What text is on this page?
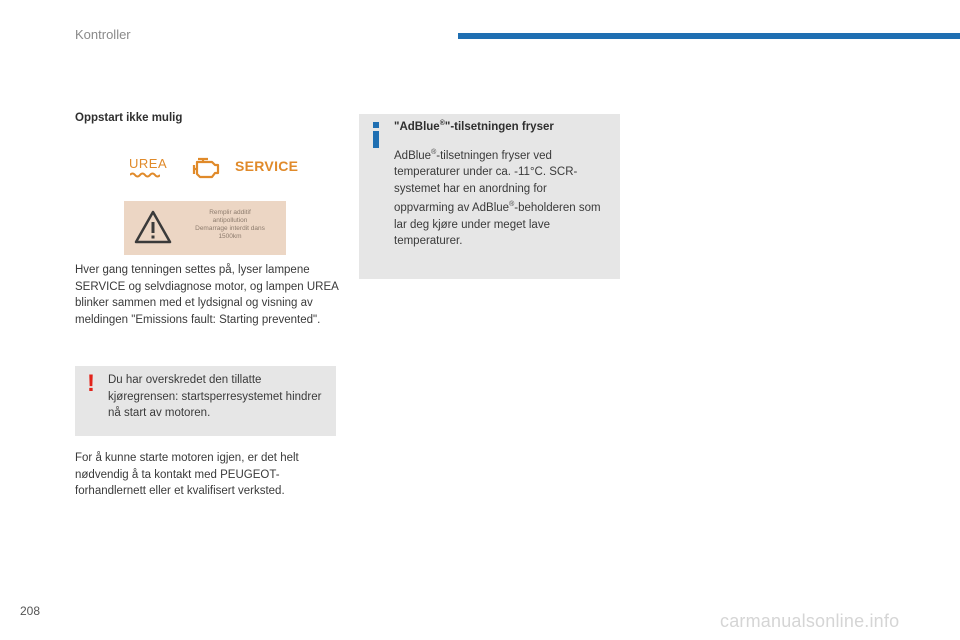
Kontroller
Oppstart ikke mulig
UREA	SERVICE
Remplir additif
antipollution
Demarrage interdit dans
1500km

Hver gang tenningen settes på, lyser lampene SERVICE og selvdiagnose motor, og lampen UREA blinker sammen med et lydsignal og visning av meldingen "Emissions fault: Starting prevented".

! Du har overskredet den tillatte kjøregrensen: startsperresystemet hindrer nå start av motoren.

For å kunne starte motoren igjen, er det helt nødvendig å ta kontakt med PEUGEOT-forhandlernett eller et kvalifisert verksted.

"AdBlue®"-tilsetningen fryser

AdBlue®-tilsetningen fryser ved temperaturer under ca. -11°C. SCR-systemet har en anordning for oppvarming av AdBlue®-beholderen som lar deg kjøre under meget lave temperaturer.

208	carmanualsonline.info
